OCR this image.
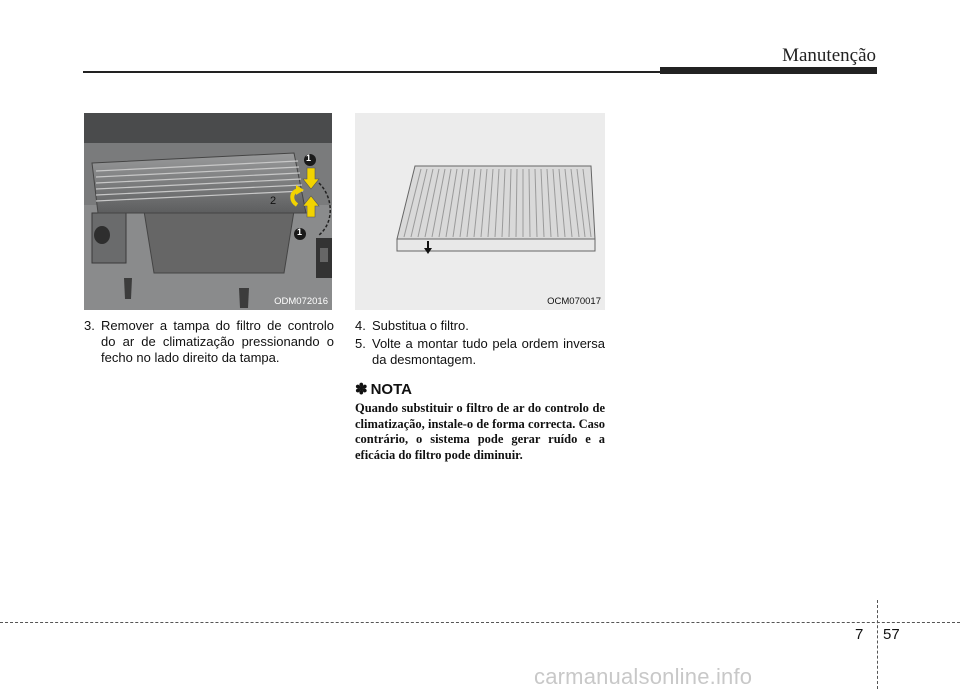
Manutenção
1
2
1
ODM072016	OCM070017
3. Remover a tampa do filtro de controlo do ar de climatização pressionando o fecho no lado direito da tampa.
4. Substitua o filtro.
5. Volte a montar tudo pela ordem inversa da desmontagem.
✽ NOTA
Quando substituir o filtro de ar do controlo de climatização, instale-o de forma correcta. Caso contrário, o sistema pode gerar ruído e a eficácia do filtro pode diminuir.
7 57
carmanualsonline.info
